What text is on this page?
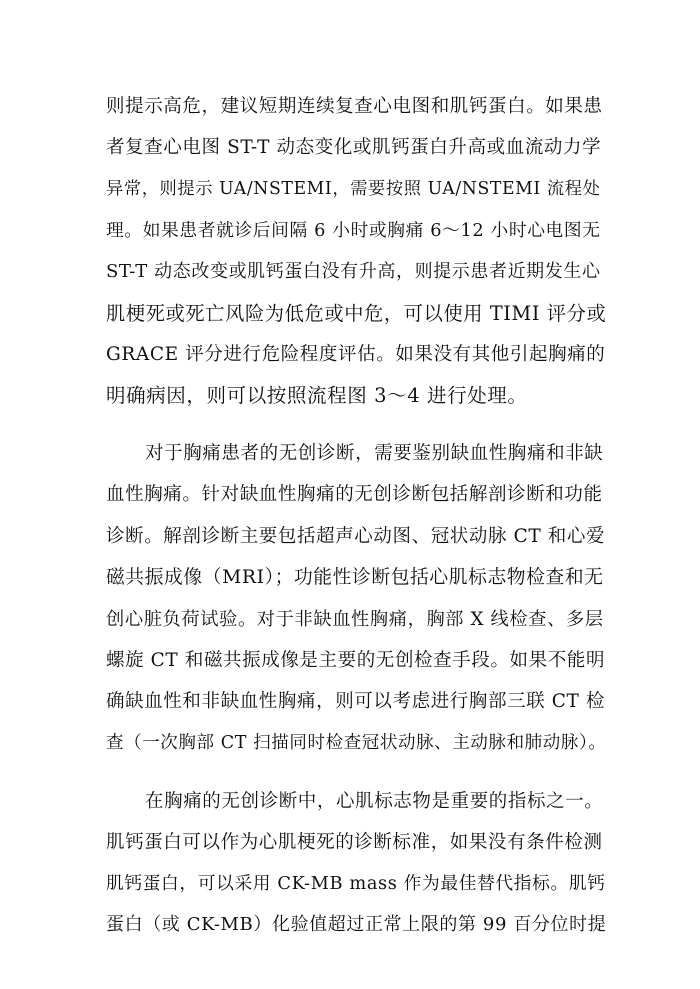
则提示高危，建议短期连续复查心电图和肌钙蛋白。如果患
者复查心电图 ST-T 动态变化或肌钙蛋白升高或血流动力学
异常，则提示 UA/NSTEMI，需要按照 UA/NSTEMI 流程处
理。如果患者就诊后间隔 6 小时或胸痛 6～12 小时心电图无
ST-T 动态改变或肌钙蛋白没有升高，则提示患者近期发生心
肌梗死或死亡风险为低危或中危，可以使用 TIMI 评分或
GRACE 评分进行危险程度评估。如果没有其他引起胸痛的
明确病因，则可以按照流程图 3～4 进行处理。
对于胸痛患者的无创诊断，需要鉴别缺血性胸痛和非缺
血性胸痛。针对缺血性胸痛的无创诊断包括解剖诊断和功能
诊断。解剖诊断主要包括超声心动图、冠状动脉 CT 和心爱
磁共振成像（MRI）；功能性诊断包括心肌标志物检查和无
创心脏负荷试验。对于非缺血性胸痛，胸部 X 线检查、多层
螺旋 CT 和磁共振成像是主要的无创检查手段。如果不能明
确缺血性和非缺血性胸痛，则可以考虑进行胸部三联 CT 检
查（一次胸部 CT 扫描同时检查冠状动脉、主动脉和肺动脉）。
在胸痛的无创诊断中，心肌标志物是重要的指标之一。
肌钙蛋白可以作为心肌梗死的诊断标准，如果没有条件检测
肌钙蛋白，可以采用 CK-MB mass 作为最佳替代指标。肌钙
蛋白（或 CK-MB）化验值超过正常上限的第 99 百分位时提
